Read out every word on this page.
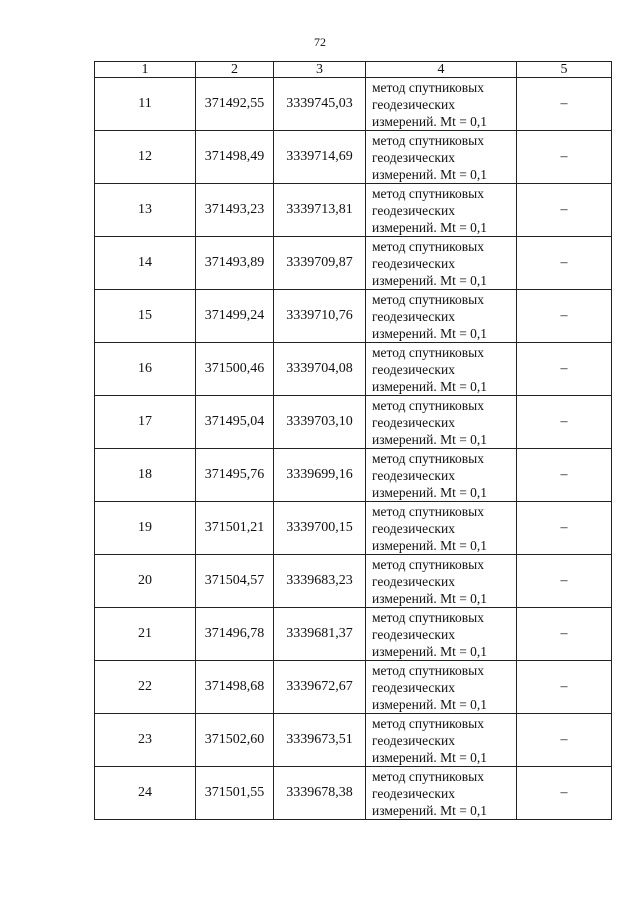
72
1	2	3	4	5
11	371492,55	3339745,03	метод спутниковых
геодезических
измерений. Mt = 0,1	–
12	371498,49	3339714,69	метод спутниковых
геодезических
измерений. Mt = 0,1	–
13	371493,23	3339713,81	метод спутниковых
геодезических
измерений. Mt = 0,1	–
14	371493,89	3339709,87	метод спутниковых
геодезических
измерений. Mt = 0,1	–
15	371499,24	3339710,76	метод спутниковых
геодезических
измерений. Mt = 0,1	–
16	371500,46	3339704,08	метод спутниковых
геодезических
измерений. Mt = 0,1	–
17	371495,04	3339703,10	метод спутниковых
геодезических
измерений. Mt = 0,1	–
18	371495,76	3339699,16	метод спутниковых
геодезических
измерений. Mt = 0,1	–
19	371501,21	3339700,15	метод спутниковых
геодезических
измерений. Mt = 0,1	–
20	371504,57	3339683,23	метод спутниковых
геодезических
измерений. Mt = 0,1	–
21	371496,78	3339681,37	метод спутниковых
геодезических
измерений. Mt = 0,1	–
22	371498,68	3339672,67	метод спутниковых
геодезических
измерений. Mt = 0,1	–
23	371502,60	3339673,51	метод спутниковых
геодезических
измерений. Mt = 0,1	–
24	371501,55	3339678,38	метод спутниковых
геодезических
измерений. Mt = 0,1	–
